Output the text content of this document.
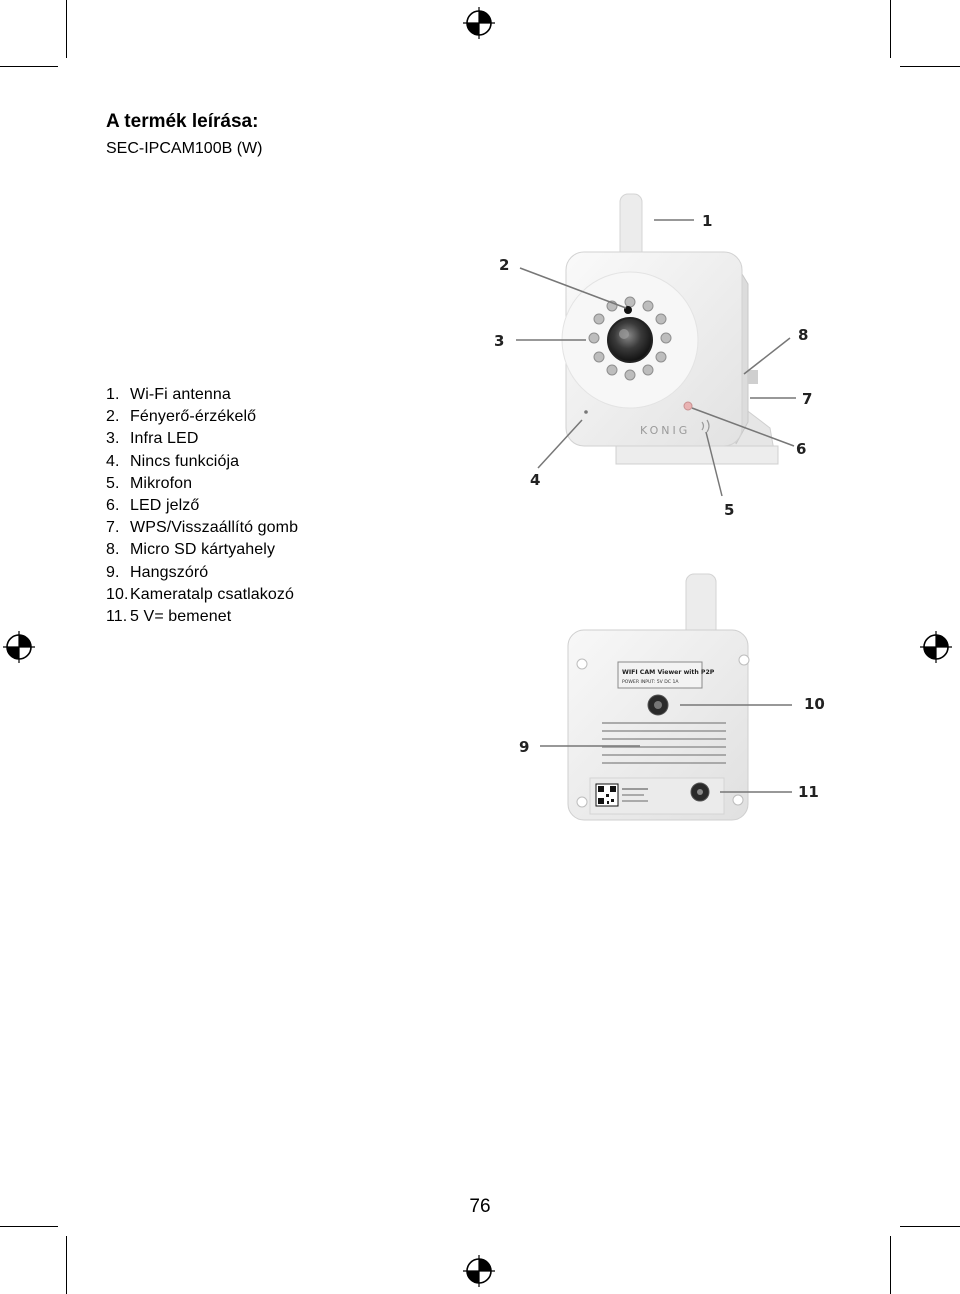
A termék leírása:
SEC-IPCAM100B (W)
1. Wi-Fi antenna
2. Fényerő-érzékelő
3. Infra LED
4. Nincs funkciója
5. Mikrofon
6. LED jelző
7. WPS/Visszaállító gomb
8. Micro SD kártyahely
9. Hangszóró
10. Kameratalp csatlakozó
11. 5 V= bemenet
KONIG
1
2
3
4
5
6
7
8
WIFI CAM Viewer with P2P
POWER INPUT: 5V DC 1A
9
10
11
76
